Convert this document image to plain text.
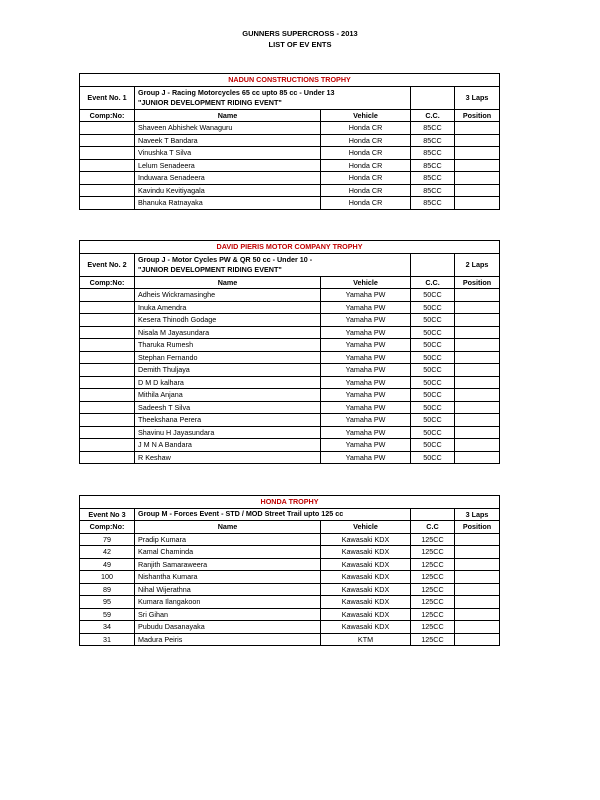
GUNNERS SUPERCROSS - 2013
LIST OF EV ENTS
NADUN CONSTRUCTIONS TROPHY				
Event No. 1	Group J - Racing Motorcycles 65 cc upto 85 cc - Under 13
"JUNIOR DEVELOPMENT RIDING EVENT"			3 Laps
Comp:No:	Name	Vehicle	C.C.	Position
	Shaveen Abhishek Wanaguru	Honda CR	85CC	
	Naveek T Bandara	Honda CR	85CC	
	Vinushka T Silva	Honda CR	85CC	
	Lelum Senadeera	Honda CR	85CC	
	Induwara Senadeera	Honda CR	85CC	
	Kavindu Kevitiyagala	Honda CR	85CC	
	Bhanuka Ratnayaka	Honda CR	85CC	
DAVID PIERIS MOTOR COMPANY TROPHY				
Event No. 2	Group J - Motor Cycles PW & QR 50 cc - Under 10 -
"JUNIOR DEVELOPMENT RIDING EVENT"			2 Laps
Comp:No:	Name	Vehicle	C.C.	Position
	Adheis Wickramasinghe	Yamaha PW	50CC	
	Inuka Amendra	Yamaha PW	50CC	
	Kesera Thinodh Godage	Yamaha PW	50CC	
	Nisala M Jayasundara	Yamaha PW	50CC	
	Tharuka Rumesh	Yamaha PW	50CC	
	Stephan Fernando	Yamaha PW	50CC	
	Demith Thuljaya	Yamaha PW	50CC	
	D M D kalhara	Yamaha PW	50CC	
	Mithila Anjana	Yamaha PW	50CC	
	Sadeesh T Silva	Yamaha PW	50CC	
	Theekshana Perera	Yamaha PW	50CC	
	Shavinu H Jayasundara	Yamaha PW	50CC	
	J M N A Bandara	Yamaha PW	50CC	
	R Keshaw	Yamaha PW	50CC	
HONDA TROPHY				
Event No 3	Group M - Forces Event - STD / MOD Street Trail upto 125 cc			3 Laps
Comp:No:	Name	Vehicle	C.C	Position
79	Pradip Kumara	Kawasaki KDX	125CC	
42	Kamal Chaminda	Kawasaki KDX	125CC	
49	Ranjith Samaraweera	Kawasaki KDX	125CC	
100	Nishantha Kumara	Kawasaki KDX	125CC	
89	Nihal Wijerathna	Kawasaki KDX	125CC	
95	Kumara Ilangakoon	Kawasaki KDX	125CC	
59	Sri Gihan	Kawasaki KDX	125CC	
34	Pubudu Dasanayaka	Kawasaki KDX	125CC	
31	Madura Peiris	KTM	125CC	
